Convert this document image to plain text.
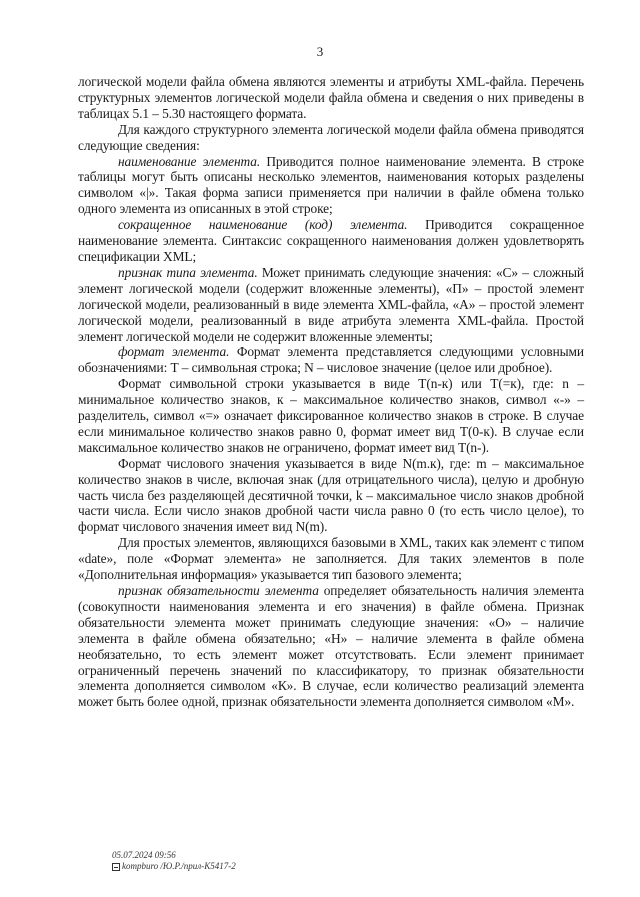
3

логической модели файла обмена являются элементы и атрибуты XML-файла. Перечень структурных элементов логической модели файла обмена и сведения о них приведены в таблицах 5.1 – 5.30 настоящего формата.

Для каждого структурного элемента логической модели файла обмена приводятся следующие сведения:

наименование элемента. Приводится полное наименование элемента. В строке таблицы могут быть описаны несколько элементов, наименования которых разделены символом «|». Такая форма записи применяется при наличии в файле обмена только одного элемента из описанных в этой строке;

сокращенное наименование (код) элемента. Приводится сокращенное наименование элемента. Синтаксис сокращенного наименования должен удовлетворять спецификации XML;

признак типа элемента. Может принимать следующие значения: «С» – сложный элемент логической модели (содержит вложенные элементы), «П» – простой элемент логической модели, реализованный в виде элемента XML-файла, «А» – простой элемент логической модели, реализованный в виде атрибута элемента XML-файла. Простой элемент логической модели не содержит вложенные элементы;

формат элемента. Формат элемента представляется следующими условными обозначениями: Т – символьная строка; N – числовое значение (целое или дробное).

Формат символьной строки указывается в виде Т(n-к) или Т(=к), где: n – минимальное количество знаков, к – максимальное количество знаков, символ «-» – разделитель, символ «=» означает фиксированное количество знаков в строке. В случае если минимальное количество знаков равно 0, формат имеет вид Т(0-к). В случае если максимальное количество знаков не ограничено, формат имеет вид Т(n-).

Формат числового значения указывается в виде N(m.к), где: m – максимальное количество знаков в числе, включая знак (для отрицательного числа), целую и дробную часть числа без разделяющей десятичной точки, k – максимальное число знаков дробной части числа. Если число знаков дробной части числа равно 0 (то есть число целое), то формат числового значения имеет вид N(m).

Для простых элементов, являющихся базовыми в XML, таких как элемент с типом «date», поле «Формат элемента» не заполняется. Для таких элементов в поле «Дополнительная информация» указывается тип базового элемента;

признак обязательности элемента определяет обязательность наличия элемента (совокупности наименования элемента и его значения) в файле обмена. Признак обязательности элемента может принимать следующие значения: «О» – наличие элемента в файле обмена обязательно; «Н» – наличие элемента в файле обмена необязательно, то есть элемент может отсутствовать. Если элемент принимает ограниченный перечень значений по классификатору, то признак обязательности элемента дополняется символом «К». В случае, если количество реализаций элемента может быть более одной, признак обязательности элемента дополняется символом «М».

05.07.2024 09:56
kompburo /Ю.Р./прил-К5417-2
